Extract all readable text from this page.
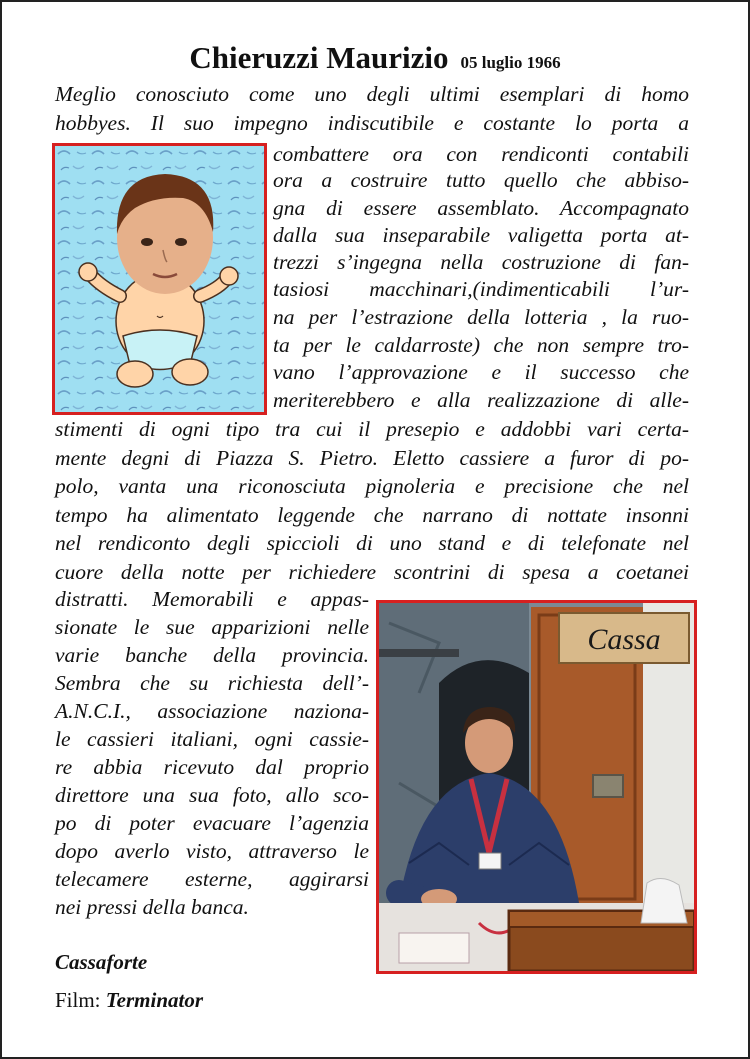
Chieruzzi Maurizio 05 luglio 1966
Meglio conosciuto come uno degli ultimi esemplari di homo
hobbyes. Il suo impegno indiscutibile e costante lo porta a
combattere ora con rendiconti contabili
ora a costruire tutto quello che abbiso-
gna di essere assemblato. Accompagnato
dalla sua inseparabile valigetta porta at-
trezzi s’ingegna nella costruzione di fan-
tasiosi macchinari,(indimenticabili l’ur-
na per l’estrazione della lotteria , la ruo-
ta per le caldarroste) che non sempre tro-
vano l’approvazione e il successo che
meriterebbero e alla realizzazione di alle-
stimenti di ogni tipo tra cui il presepio e addobbi vari certa-
mente degni di Piazza S. Pietro. Eletto cassiere a furor di po-
polo, vanta una riconosciuta pignoleria e precisione che nel
tempo ha alimentato leggende che narrano di nottate insonni
nel rendiconto degli spiccioli di uno stand e di telefonate nel
cuore della notte per richiedere scontrini di spesa a coetanei
distratti. Memorabili e appas-
sionate le sue apparizioni nelle
varie banche della provincia.
Sembra che su richiesta dell’-
A.N.C.I., associazione naziona-
le cassieri italiani, ogni cassie-
re abbia ricevuto dal proprio
direttore una sua foto, allo sco-
po di poter evacuare l’agenzia
dopo averlo visto, attraverso le
telecamere esterne, aggirarsi
nei pressi della banca.
Cassa
Cassaforte
Film: Terminator
